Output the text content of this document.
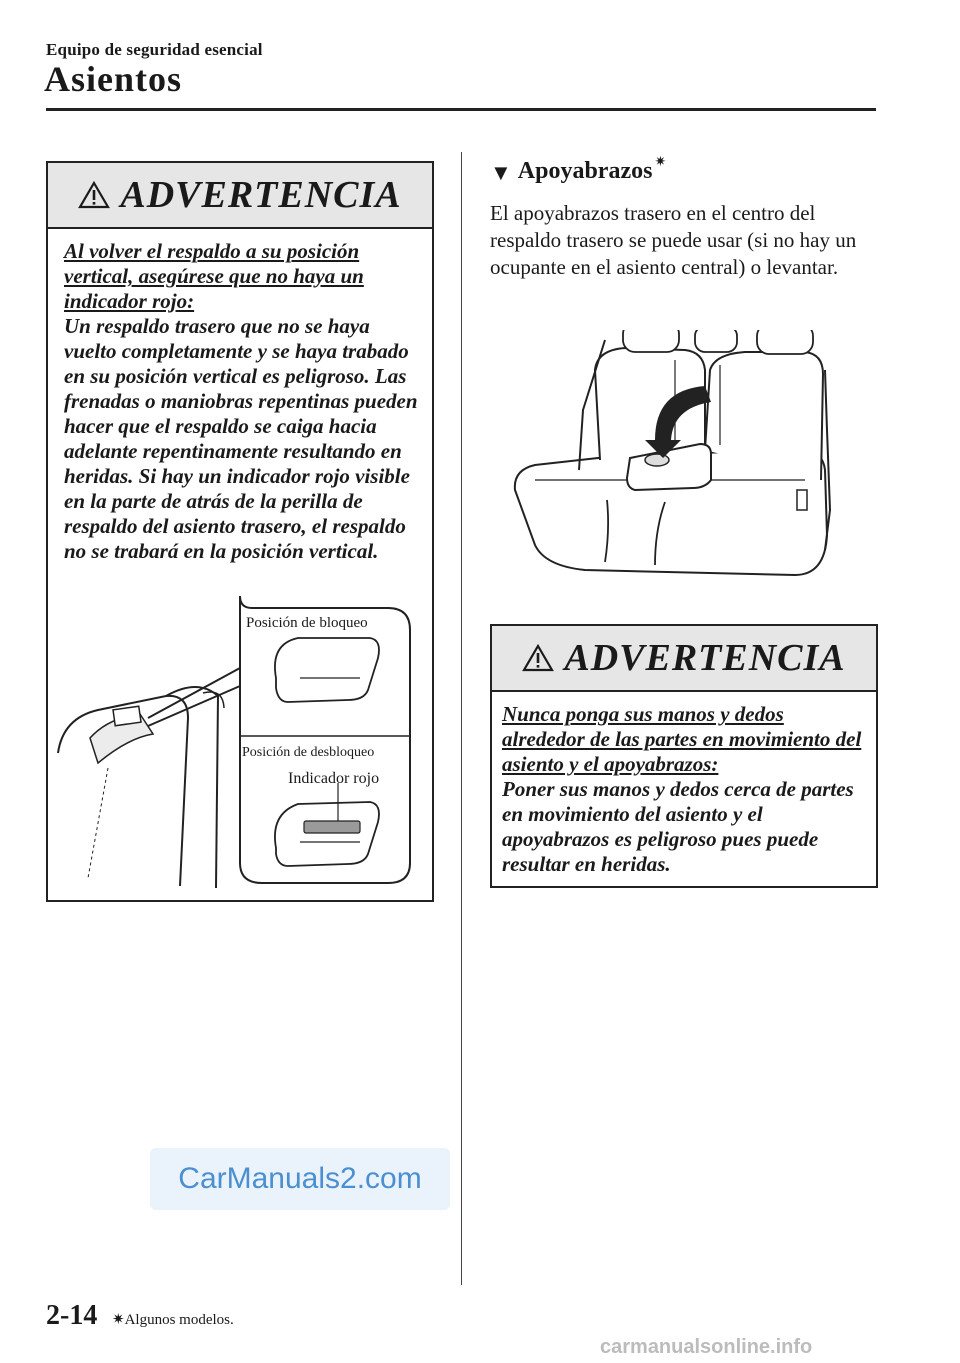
Equipo de seguridad esencial
Asientos
ADVERTENCIA

Al volver el respaldo a su posición vertical, asegúrese que no haya un indicador rojo:

Un respaldo trasero que no se haya vuelto completamente y se haya trabado en su posición vertical es peligroso. Las frenadas o maniobras repentinas pueden hacer que el respaldo se caiga hacia adelante repentinamente resultando en heridas. Si hay un indicador rojo visible en la parte de atrás de la perilla de respaldo del asiento trasero, el respaldo no se trabará en la posición vertical.

Posición de bloqueo
Posición de desbloqueo
Indicador rojo
▼ Apoyabrazos ✷
El apoyabrazos trasero en el centro del respaldo trasero se puede usar (si no hay un ocupante en el asiento central) o levantar.
ADVERTENCIA

Nunca ponga sus manos y dedos alrededor de las partes en movimiento del asiento y el apoyabrazos:

Poner sus manos y dedos cerca de partes en movimiento del asiento y el apoyabrazos es peligroso pues puede resultar en heridas.

CarManuals2.com
2-14 ✷Algunos modelos.
carmanualsonline.info
